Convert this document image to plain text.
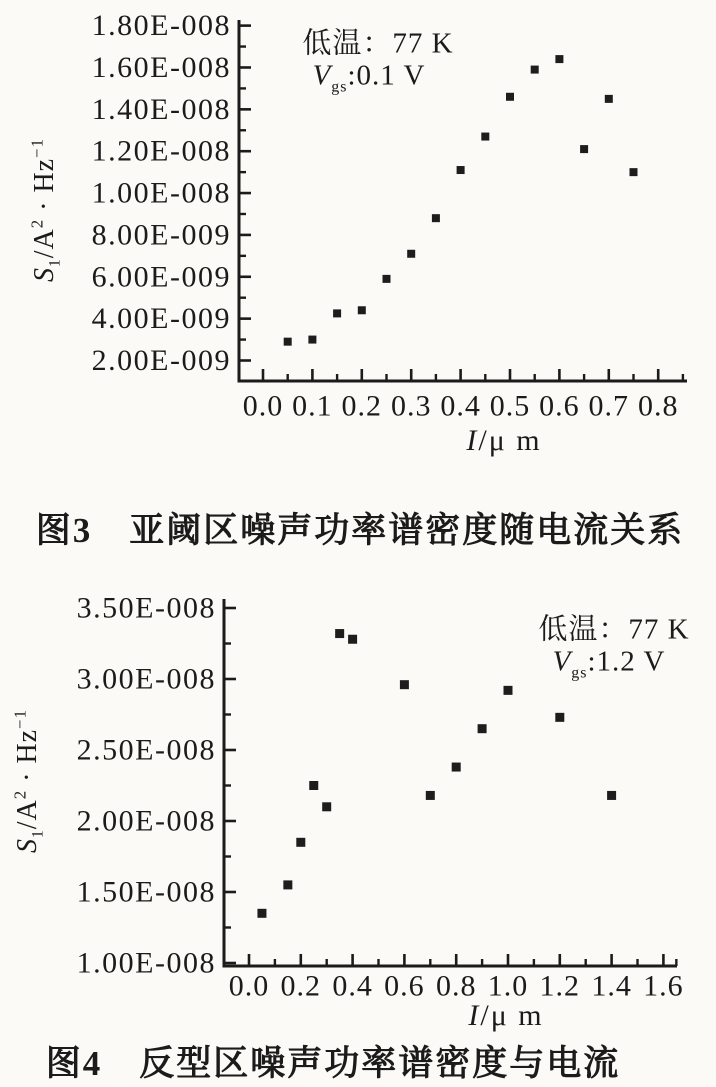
0.0 0.1 0.2 0.3 0.4 0.5 0.6 0.7 0.8
2.00E-009
4.00E-009
6.00E-009
8.00E-009
1.00E-008
1.20E-008
1.40E-008
1.60E-008
1.80E-008
0.0 0.2 0.4 0.6 0.8 1.0 1.2 1.4 1.6
1.00E-008
1.50E-008
2.00E-008
2.50E-008
3.00E-008
3.50E-008
$S_1/A^2 \cdot Hz^{-1}$
低温：77 K
$V_{gs}:0.1$ V
I/μ m
图3　亚阈区噪声功率谱密度随电流关系
$S_1/A^2 \cdot Hz^{-1}$
低温：77 K
$V_{gs}:1.2$ V
I/μ m
图4　反型区噪声功率谱密度与电流
